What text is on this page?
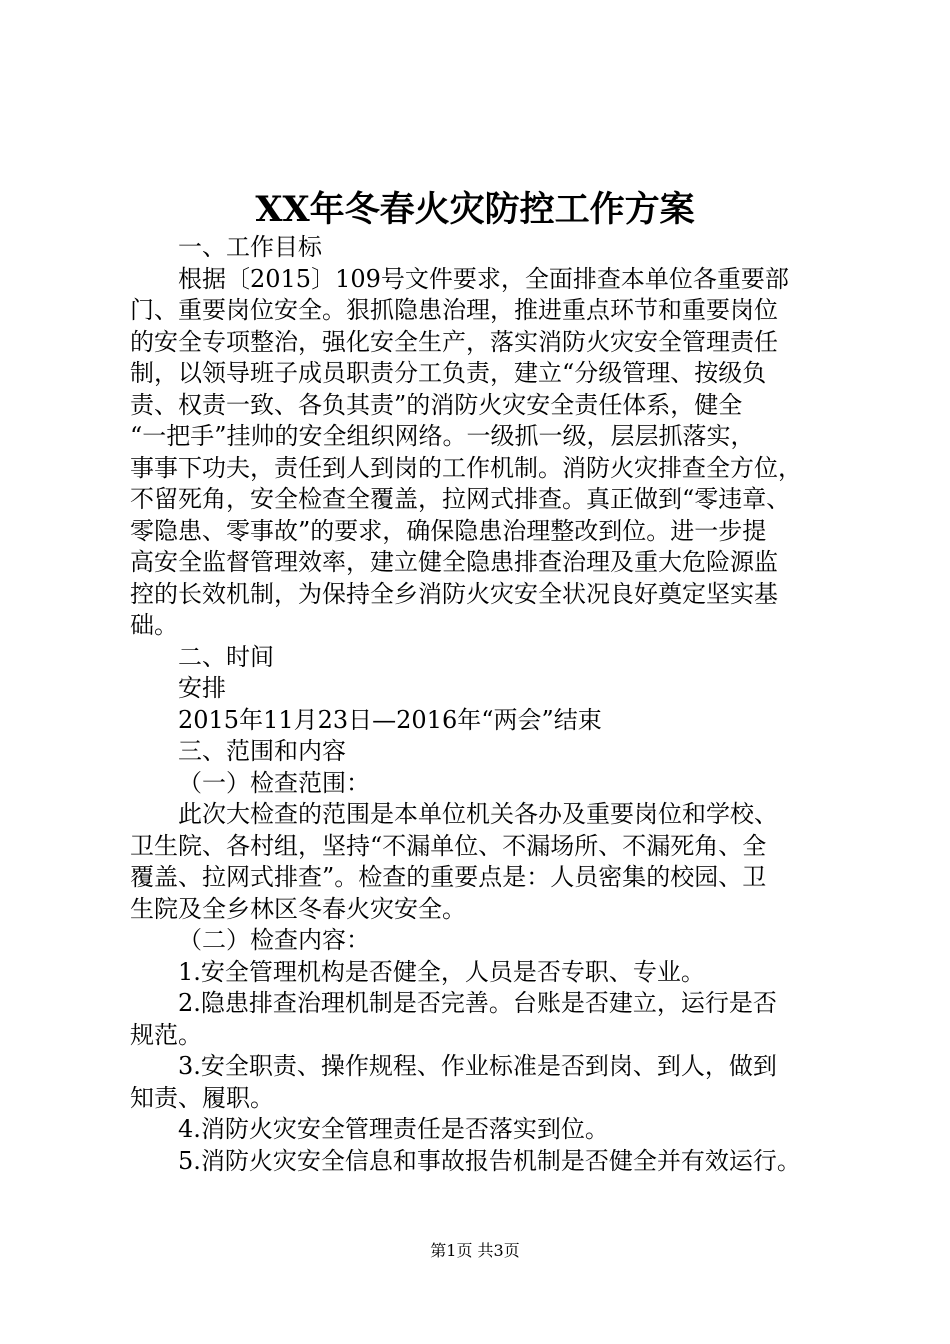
XX年冬春火灾防控工作方案
一、工作目标
根据〔2015〕109号文件要求，全面排查本单位各重要部
门、重要岗位安全。狠抓隐患治理，推进重点环节和重要岗位
的安全专项整治，强化安全生产，落实消防火灾安全管理责任
制，以领导班子成员职责分工负责，建立“分级管理、按级负
责、权责一致、各负其责”的消防火灾安全责任体系，健全
“一把手”挂帅的安全组织网络。一级抓一级，层层抓落实，
事事下功夫，责任到人到岗的工作机制。消防火灾排查全方位，
不留死角，安全检查全覆盖，拉网式排查。真正做到“零违章、
零隐患、零事故”的要求，确保隐患治理整改到位。进一步提
高安全监督管理效率，建立健全隐患排查治理及重大危险源监
控的长效机制，为保持全乡消防火灾安全状况良好奠定坚实基
础。
二、时间
安排
2015年11月23日—2016年“两会”结束
三、范围和内容
（一）检查范围：
此次大检查的范围是本单位机关各办及重要岗位和学校、
卫生院、各村组，坚持“不漏单位、不漏场所、不漏死角、全
覆盖、拉网式排查”。检查的重要点是：人员密集的校园、卫
生院及全乡林区冬春火灾安全。
（二）检查内容：
1.安全管理机构是否健全，人员是否专职、专业。
2.隐患排查治理机制是否完善。台账是否建立，运行是否
规范。
3.安全职责、操作规程、作业标准是否到岗、到人，做到
知责、履职。
4.消防火灾安全管理责任是否落实到位。
5.消防火灾安全信息和事故报告机制是否健全并有效运行。
第1页 共3页
